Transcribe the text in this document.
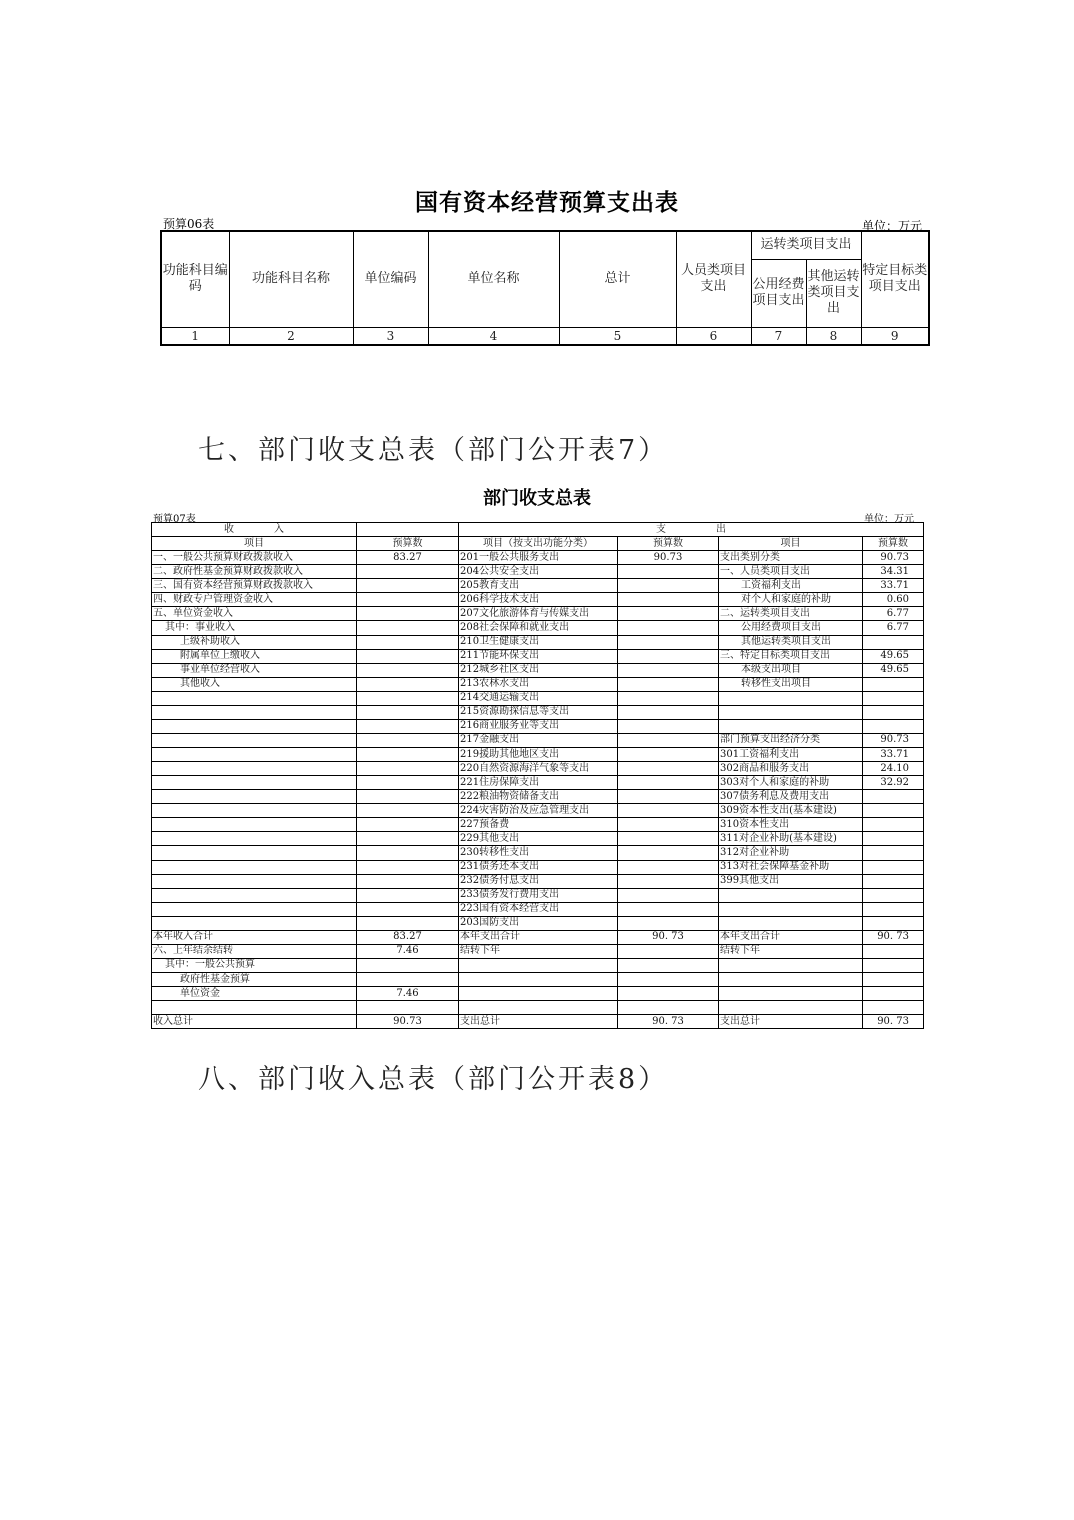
国有资本经营预算支出表
预算06表	单位：万元
功能科目编码	功能科目名称	单位编码	单位名称	总计	人员类项目支出	运转类项目支出		特定目标类项目支出
						公用经费项目支出	其他运转类项目支出	
1	2	3	4	5	6	7	8	9
七、部门收支总表（部门公开表7）
部门收支总表
预算07表	单位：万元
收　　　　入		支　　　　　出			
项目	预算数	项目（按支出功能分类）	预算数	项目	预算数
一、一般公共预算财政拨款收入	83.27	201一般公共服务支出	90.73	支出类别分类	90.73
二、政府性基金预算财政拨款收入		204公共安全支出		一、人员类项目支出	34.31
三、国有资本经营预算财政拨款收入		205教育支出		工资福利支出	33.71
四、财政专户管理资金收入		206科学技术支出		对个人和家庭的补助	0.60
五、单位资金收入		207文化旅游体育与传媒支出		二、运转类项目支出	6.77
其中：事业收入		208社会保障和就业支出		公用经费项目支出	6.77
上级补助收入		210卫生健康支出		其他运转类项目支出	
附属单位上缴收入		211节能环保支出		三、特定目标类项目支出	49.65
事业单位经营收入		212城乡社区支出		本级支出项目	49.65
其他收入		213农林水支出		转移性支出项目	
		214交通运输支出			
		215资源勘探信息等支出			
		216商业服务业等支出			
		217金融支出		部门预算支出经济分类	90.73
		219援助其他地区支出		301工资福利支出	33.71
		220自然资源海洋气象等支出		302商品和服务支出	24.10
		221住房保障支出		303对个人和家庭的补助	32.92
		222粮油物资储备支出		307债务利息及费用支出	
		224灾害防治及应急管理支出		309资本性支出(基本建设)	
		227预备费		310资本性支出	
		229其他支出		311对企业补助(基本建设)	
		230转移性支出		312对企业补助	
		231债务还本支出		313对社会保障基金补助	
		232债务付息支出		399其他支出	
		233债务发行费用支出			
		223国有资本经营支出			
		203国防支出			
本年收入合计	83.27	本年支出合计	90. 73	本年支出合计	90. 73
六、上年结余结转	7.46	结转下年		结转下年	
其中：一般公共预算					
政府性基金预算					
单位资金	7.46				

收入总计	90.73	支出总计	90. 73	支出总计	90. 73
八、部门收入总表（部门公开表8）
